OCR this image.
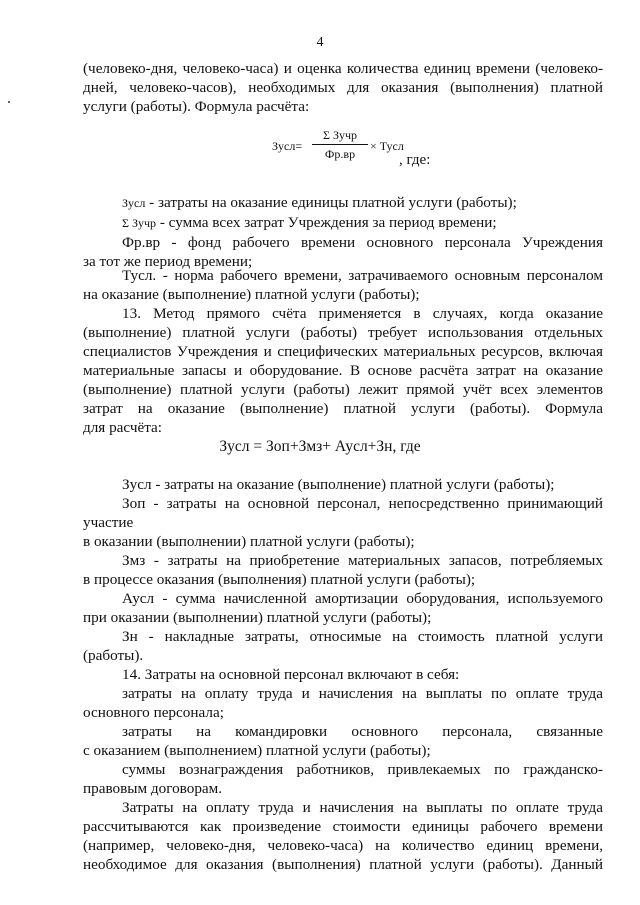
4
(человеко-дня, человеко-часа) и оценка количества единиц времени (человеко-
дней, человеко-часов), необходимых для оказания (выполнения) платной
услуги (работы). Формула расчёта:
Зусл=
Σ Зучр
Фр.вр
× Тусл
, где:
Зусл - затраты на оказание единицы платной услуги (работы);
Σ Зучр - сумма всех затрат Учреждения за период времени;
Фр.вр - фонд рабочего времени основного персонала Учреждения
за тот же период времени;
Тусл. - норма рабочего времени, затрачиваемого основным персоналом
на оказание (выполнение) платной услуги (работы);
13. Метод прямого счёта применяется в случаях, когда оказание
(выполнение) платной услуги (работы) требует использования отдельных
специалистов Учреждения и специфических материальных ресурсов, включая
материальные запасы и оборудование. В основе расчёта затрат на оказание
(выполнение) платной услуги (работы) лежит прямой учёт всех элементов
затрат на оказание (выполнение) платной услуги (работы). Формула
для расчёта:
Зусл = Зоп+Змз+ Аусл+Зн, где
Зусл - затраты на оказание (выполнение) платной услуги (работы);
Зоп - затраты на основной персонал, непосредственно принимающий
участие
в оказании (выполнении) платной услуги (работы);
Змз - затраты на приобретение материальных запасов, потребляемых
в процессе оказания (выполнения) платной услуги (работы);
Аусл - сумма начисленной амортизации оборудования, используемого
при оказании (выполнении) платной услуги (работы);
Зн - накладные затраты, относимые на стоимость платной услуги
(работы).
14. Затраты на основной персонал включают в себя:
затраты на оплату труда и начисления на выплаты по оплате труда
основного персонала;
затраты на командировки основного персонала, связанные
с оказанием (выполнением) платной услуги (работы);
суммы вознаграждения работников, привлекаемых по гражданско-
правовым договорам.
Затраты на оплату труда и начисления на выплаты по оплате труда
рассчитываются как произведение стоимости единицы рабочего времени
(например, человеко-дня, человеко-часа) на количество единиц времени,
необходимое для оказания (выполнения) платной услуги (работы). Данный
